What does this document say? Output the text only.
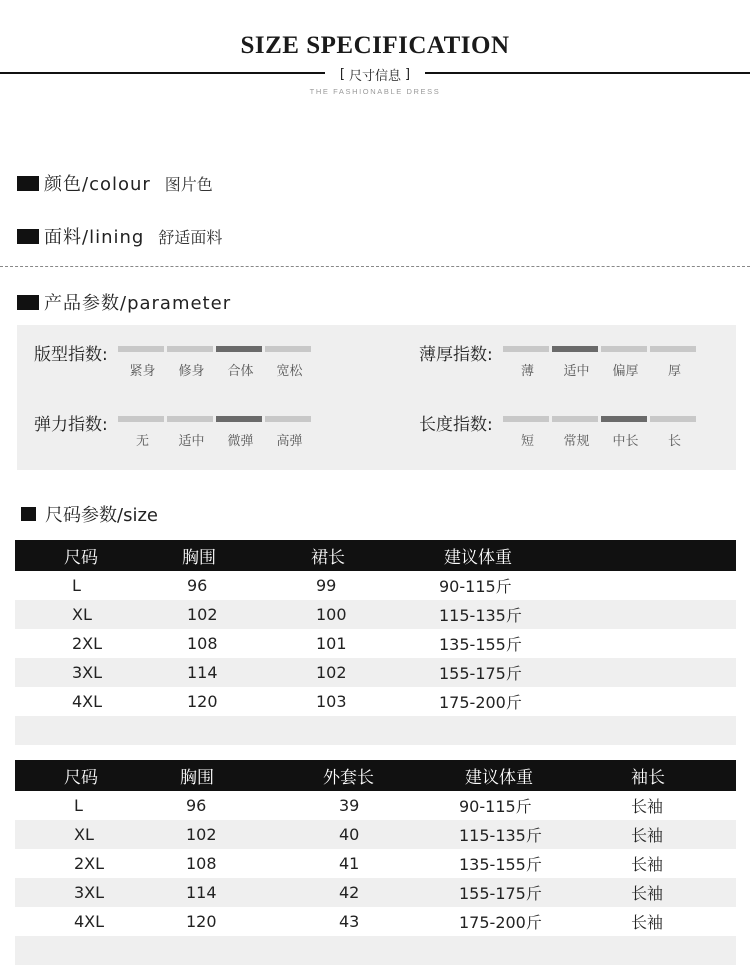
SIZE SPECIFICATION
[ 尺寸信息 ]
THE FASHIONABLE DRESS
颜色/colour 图片色
面料/lining 舒适面料
产品参数/parameter
版型指数:
紧身	修身	合体	宽松
薄厚指数:
薄	适中	偏厚	厚
弹力指数:
无	适中	微弹	高弹
长度指数:
短	常规	中长	长
尺码参数/size
尺码	胸围	裙长	建议体重
L	96	99	90-115斤
XL	102	100	115-135斤
2XL	108	101	135-155斤
3XL	114	102	155-175斤
4XL	120	103	175-200斤

尺码	胸围	外套长	建议体重	袖长
L	96	39	90-115斤	长袖
XL	102	40	115-135斤	长袖
2XL	108	41	135-155斤	长袖
3XL	114	42	155-175斤	长袖
4XL	120	43	175-200斤	长袖
